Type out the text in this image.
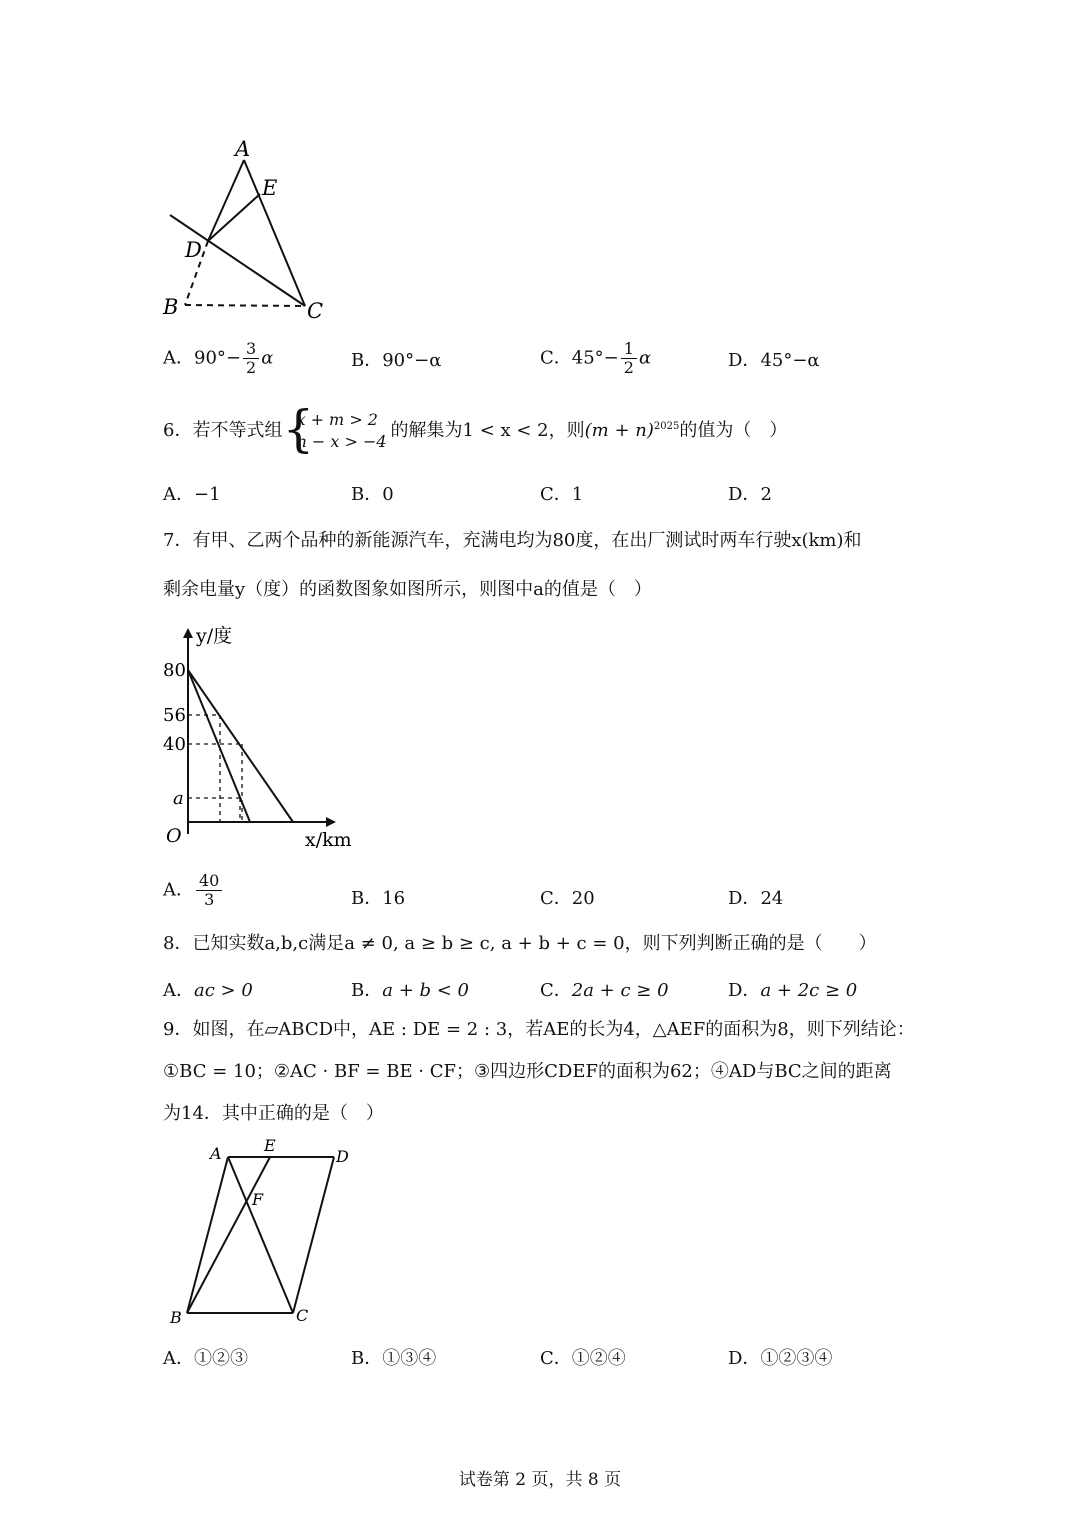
A
E
D
B	C
A．$90^\circ- \frac{3}{2}$ α	B．90°−α	C．$45^\circ- \frac{1}{2}$ α	D．45°−α
6．若不等式组
{ x + m > 2
n − x > −4
的解集为1 < x < 2，则$(m + n)^{2025}$的值为（　）
A．−1	B．0	C．1	D．2
7．有甲、乙两个品种的新能源汽车，充满电均为80度，在出厂测试时两车行驶x(km)和
剩余电量y（度）的函数图象如图所示，则图中a的值是（　）
y/度
x/km
O
80
56
40
a
A． $\frac{40}{3}$	B．16	C．20	D．24
8．已知实数a,b,c满足a ≠ 0, a ≥ b ≥ c, a + b + c = 0，则下列判断正确的是（　　）
A．ac > 0	B．a + b < 0	C．2a + c ≥ 0	D．a + 2c ≥ 0
9．如图，在▱ABCD中，AE : DE = 2 : 3，若AE的长为4，△AEF的面积为8，则下列结论：
①BC = 10；②AC · BF = BE · CF；③四边形CDEF的面积为62；④AD与BC之间的距离
为14．其中正确的是（　）
A	E
D
F
B	C
A．①②③	B．①③④	C．①②④	D．①②③④
试卷第 2 页，共 8 页
